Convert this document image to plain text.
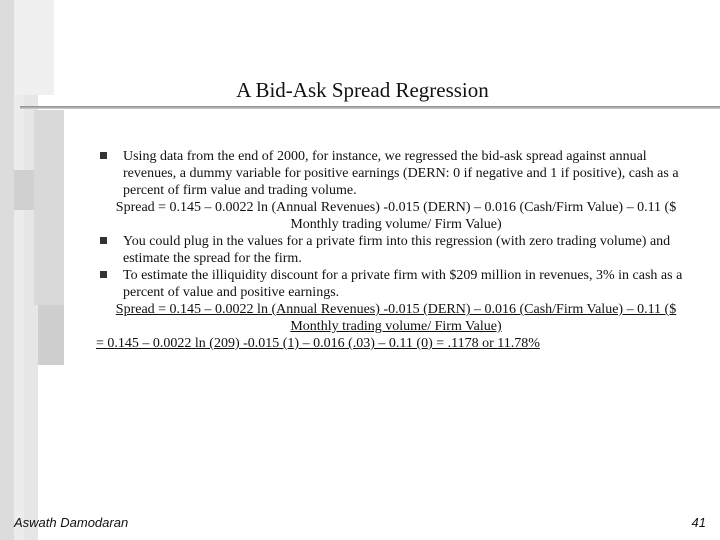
A Bid-Ask Spread Regression

Using data from the end of 2000, for instance, we regressed the bid-ask spread against annual revenues, a dummy variable for positive earnings (DERN: 0 if negative and 1 if positive), cash as a percent of firm value and trading volume.

Spread = 0.145 – 0.0022 ln (Annual Revenues) -0.015 (DERN) – 0.016 (Cash/Firm Value) – 0.11 ($ Monthly trading volume/ Firm Value)

You could plug in the values for a private firm into this regression (with zero trading volume) and estimate the spread for the firm.

To estimate the illiquidity discount for a private firm with $209 million in revenues, 3% in cash as a percent of value and positive earnings.

Spread = 0.145 – 0.0022 ln (Annual Revenues) -0.015 (DERN) – 0.016 (Cash/Firm Value) – 0.11 ($ Monthly trading volume/ Firm Value)

= 0.145 – 0.0022 ln (209) -0.015 (1) – 0.016 (.03) – 0.11 (0) = .1178 or 11.78%

Aswath Damodaran	41
